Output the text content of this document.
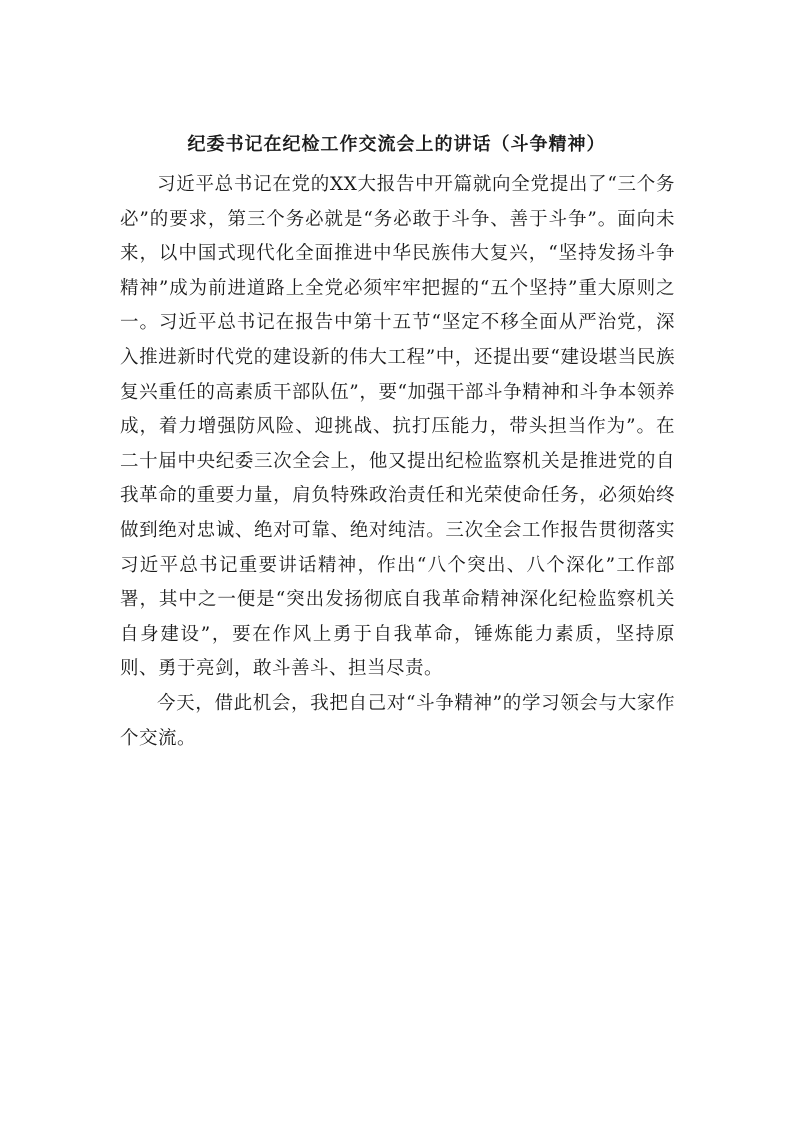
纪委书记在纪检工作交流会上的讲话（斗争精神）

习近平总书记在党的XX大报告中开篇就向全党提出了“三个务必”的要求，第三个务必就是“务必敢于斗争、善于斗争”。面向未来，以中国式现代化全面推进中华民族伟大复兴，“坚持发扬斗争精神”成为前进道路上全党必须牢牢把握的“五个坚持”重大原则之一。习近平总书记在报告中第十五节“坚定不移全面从严治党，深入推进新时代党的建设新的伟大工程”中，还提出要“建设堪当民族复兴重任的高素质干部队伍”，要“加强干部斗争精神和斗争本领养成，着力增强防风险、迎挑战、抗打压能力，带头担当作为”。在二十届中央纪委三次全会上，他又提出纪检监察机关是推进党的自我革命的重要力量，肩负特殊政治责任和光荣使命任务，必须始终做到绝对忠诚、绝对可靠、绝对纯洁。三次全会工作报告贯彻落实习近平总书记重要讲话精神，作出“八个突出、八个深化”工作部署，其中之一便是“突出发扬彻底自我革命精神深化纪检监察机关自身建设”，要在作风上勇于自我革命，锤炼能力素质，坚持原则、勇于亮剑，敢斗善斗、担当尽责。

今天，借此机会，我把自己对“斗争精神”的学习领会与大家作个交流。
